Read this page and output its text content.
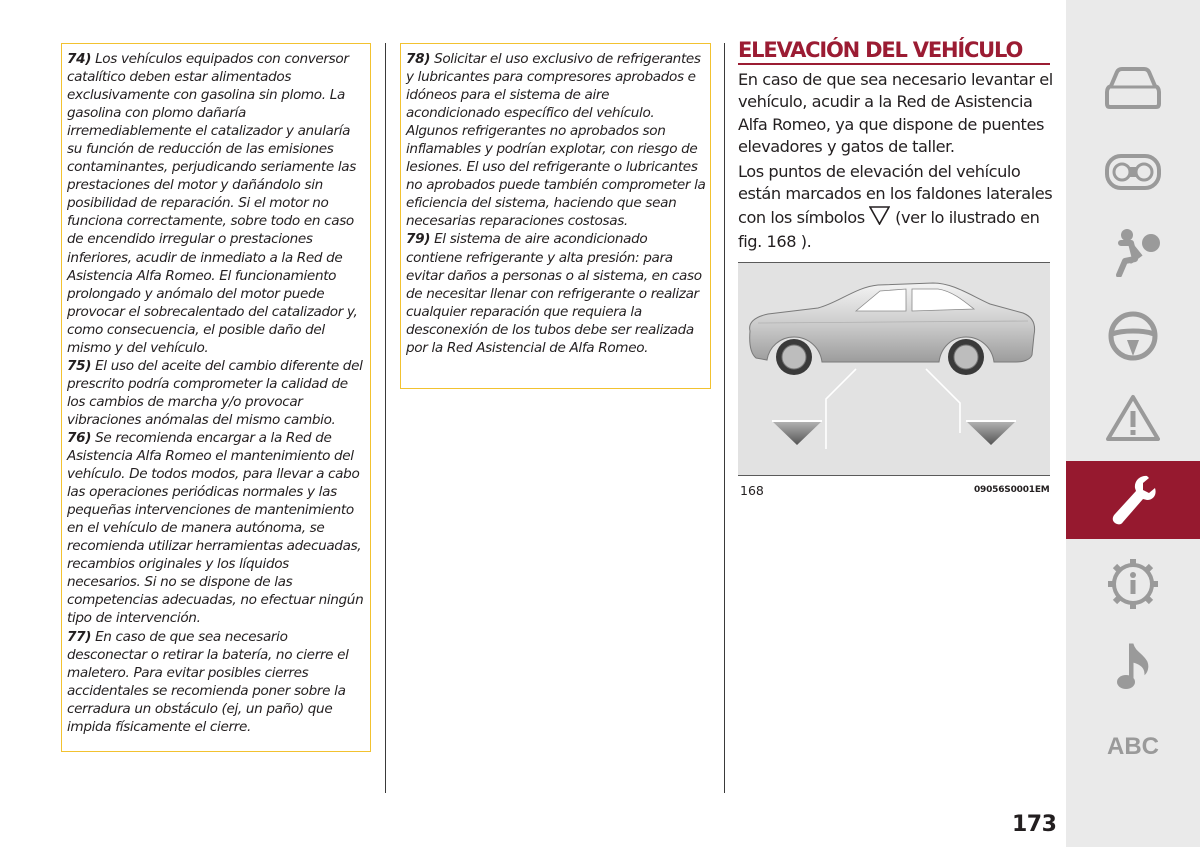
74) Los vehículos equipados con conversor catalítico deben estar alimentados exclusivamente con gasolina sin plomo. La gasolina con plomo dañaría irremediablemente el catalizador y anularía su función de reducción de las emisiones contaminantes, perjudicando seriamente las prestaciones del motor y dañándolo sin posibilidad de reparación. Si el motor no funciona correctamente, sobre todo en caso de encendido irregular o prestaciones inferiores, acudir de inmediato a la Red de Asistencia Alfa Romeo. El funcionamiento prolongado y anómalo del motor puede provocar el sobrecalentado del catalizador y, como consecuencia, el posible daño del mismo y del vehículo.

75) El uso del aceite del cambio diferente del prescrito podría comprometer la calidad de los cambios de marcha y/o provocar vibraciones anómalas del mismo cambio.

76) Se recomienda encargar a la Red de Asistencia Alfa Romeo el mantenimiento del vehículo. De todos modos, para llevar a cabo las operaciones periódicas normales y las pequeñas intervenciones de mantenimiento en el vehículo de manera autónoma, se recomienda utilizar herramientas adecuadas, recambios originales y los líquidos necesarios. Si no se dispone de las competencias adecuadas, no efectuar ningún tipo de intervención.

77) En caso de que sea necesario desconectar o retirar la batería, no cierre el maletero. Para evitar posibles cierres accidentales se recomienda poner sobre la cerradura un obstáculo (ej, un paño) que impida físicamente el cierre.

78) Solicitar el uso exclusivo de refrigerantes y lubricantes para compresores aprobados e idóneos para el sistema de aire acondicionado específico del vehículo. Algunos refrigerantes no aprobados son inflamables y podrían explotar, con riesgo de lesiones. El uso del refrigerante o lubricantes no aprobados puede también comprometer la eficiencia del sistema, haciendo que sean necesarias reparaciones costosas.

79) El sistema de aire acondicionado contiene refrigerante y alta presión: para evitar daños a personas o al sistema, en caso de necesitar llenar con refrigerante o realizar cualquier reparación que requiera la desconexión de los tubos debe ser realizada por la Red Asistencial de Alfa Romeo.

ELEVACIÓN DEL VEHÍCULO
En caso de que sea necesario levantar el vehículo, acudir a la Red de Asistencia Alfa Romeo, ya que dispone de puentes elevadores y gatos de taller.
Los puntos de elevación del vehículo están marcados en los faldones laterales con los símbolos  (ver lo ilustrado en fig. 168 ).
168	09056S0001EM
ABC
173
